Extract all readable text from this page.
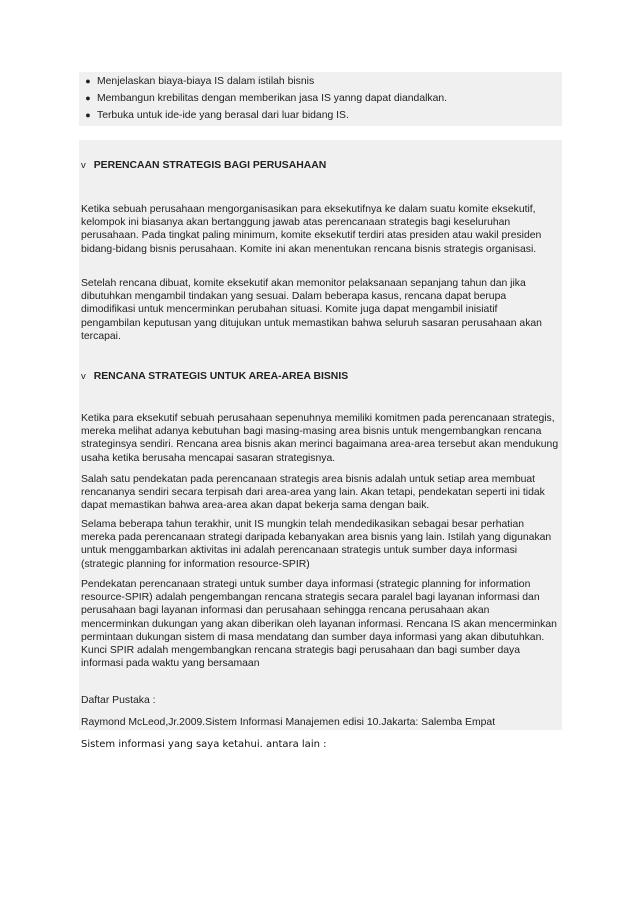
● Menjelaskan biaya-biaya IS dalam istilah bisnis
● Membangun krebilitas dengan memberikan jasa IS yanng dapat diandalkan.
● Terbuka untuk ide-ide yang berasal dari luar bidang IS.
v PERENCAAN STRATEGIS BAGI PERUSAHAAN
Ketika sebuah perusahaan mengorganisasikan para eksekutifnya ke dalam suatu komite eksekutif, kelompok ini biasanya akan bertanggung jawab atas perencanaan strategis bagi keseluruhan perusahaan. Pada tingkat paling minimum, komite eksekutif terdiri atas presiden atau wakil presiden bidang-bidang bisnis perusahaan. Komite ini akan menentukan rencana bisnis strategis organisasi.
Setelah rencana dibuat, komite eksekutif akan memonitor pelaksanaan sepanjang tahun dan jika dibutuhkan mengambil tindakan yang sesuai. Dalam beberapa kasus, rencana dapat berupa dimodifikasi untuk mencerminkan perubahan situasi. Komite juga dapat mengambil inisiatif pengambilan keputusan yang ditujukan untuk memastikan bahwa seluruh sasaran perusahaan akan tercapai.
v RENCANA STRATEGIS UNTUK AREA-AREA BISNIS
Ketika para eksekutif sebuah perusahaan sepenuhnya memiliki komitmen pada perencanaan strategis, mereka melihat adanya kebutuhan bagi masing-masing area bisnis untuk mengembangkan rencana strateginsya sendiri. Rencana area bisnis akan merinci bagaimana area-area tersebut akan mendukung usaha ketika berusaha mencapai sasaran strategisnya.
Salah satu pendekatan pada perencanaan strategis area bisnis adalah untuk setiap area membuat rencananya sendiri secara terpisah dari area-area yang lain. Akan tetapi, pendekatan seperti ini tidak dapat memastikan bahwa area-area akan dapat bekerja sama dengan baik.
Selama beberapa tahun terakhir, unit IS mungkin telah mendedikasikan sebagai besar perhatian mereka pada perencanaan strategi daripada kebanyakan area bisnis yang lain. Istilah yang digunakan untuk menggambarkan aktivitas ini adalah perencanaan strategis untuk sumber daya informasi (strategic planning for information resource-SPIR)
Pendekatan perencanaan strategi untuk sumber daya informasi (strategic planning for information resource-SPIR) adalah pengembangan rencana strategis secara paralel bagi layanan informasi dan perusahaan bagi layanan informasi dan perusahaan sehingga rencana perusahaan akan mencerminkan dukungan yang akan diberikan oleh layanan informasi. Rencana IS akan mencerminkan permintaan dukungan sistem di masa mendatang dan sumber daya informasi yang akan dibutuhkan. Kunci SPIR adalah mengembangkan rencana strategis bagi perusahaan dan bagi sumber daya informasi pada waktu yang bersamaan
Daftar Pustaka :
Raymond McLeod,Jr.2009.Sistem Informasi Manajemen edisi 10.Jakarta: Salemba Empat
Sistem informasi yang saya ketahui. antara lain :
